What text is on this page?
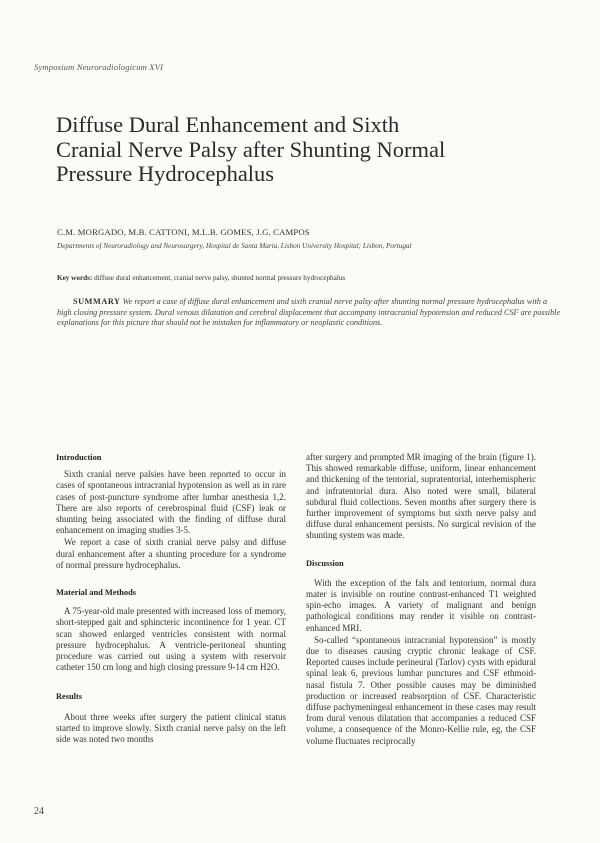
Symposium Neuroradiologicum XVI
Diffuse Dural Enhancement and Sixth
Cranial Nerve Palsy after Shunting Normal
Pressure Hydrocephalus
C.M. MORGADO, M.B. CATTONI, M.L.B. GOMES, J.G. CAMPOS
Departments of Neuroradiology and Neurosurgery, Hospital de Santa Maria, Lisbon University Hospital; Lisbon, Portugal
Key words: diffuse dural enhancement, cranial nerve palsy, shunted normal pressure hydrocephalus

SUMMARY We report a case of diffuse dural enhancement and sixth cranial nerve palsy after shunting normal pressure hydrocephalus with a high closing pressure system. Dural venous dilatation and cerebral displacement that accompany intracranial hypotension and reduced CSF are possible explanations for this picture that should not be mistaken for inflammatory or neoplastic conditions.

Introduction

Sixth cranial nerve palsies have been reported to occur in cases of spontaneous intracranial hypotension as well as in rare cases of post-puncture syndrome after lumbar anesthesia 1,2. There are also reports of cerebrospinal fluid (CSF) leak or shunting being associated with the finding of diffuse dural enhancement on imaging studies 3-5.

We report a case of sixth cranial nerve palsy and diffuse dural enhancement after a shunting procedure for a syndrome of normal pressure hydrocephalus.

Material and Methods

A 75-year-old male presented with increased loss of memory, short-stepped gait and sphincteric incontinence for 1 year. CT scan showed enlarged ventricles consistent with normal pressure hydrocephalus. A ventricle-peritoneal shunting procedure was carried out using a system with reservoir catheter 150 cm long and high closing pressure 9-14 cm H2O.

Results

About three weeks after surgery the patient clinical status started to improve slowly. Sixth cranial nerve palsy on the left side was noted two months

after surgery and prompted MR imaging of the brain (figure 1). This showed remarkable diffuse, uniform, linear enhancement and thickening of the tentorial, supratentorial, interhemispheric and infratentorial dura. Also noted were small, bilateral subdural fluid collections. Seven months after surgery there is further improvement of symptoms but sixth nerve palsy and diffuse dural enhancement persists. No surgical revision of the shunting system was made.

Discussion

With the exception of the falx and tentorium, normal dura mater is invisible on routine contrast-enhanced T1 weighted spin-echo images. A variety of malignant and benign pathological conditions may render it visible on contrast-enhanced MRI.

So-called “spontaneous intracranial hypotension” is mostly due to diseases causing cryptic chronic leakage of CSF. Reported causes include perineural (Tarlov) cysts with epidural spinal leak 6, previous lumbar punctures and CSF ethmoid-nasal fistula 7. Other possible causes may be diminished production or increased reabsorption of CSF. Characteristic diffuse pachymeningeal enhancement in these cases may result from dural venous dilatation that accompanies a reduced CSF volume, a consequence of the Monro-Kellie rule, eg, the CSF volume fluctuates reciprocally

24
